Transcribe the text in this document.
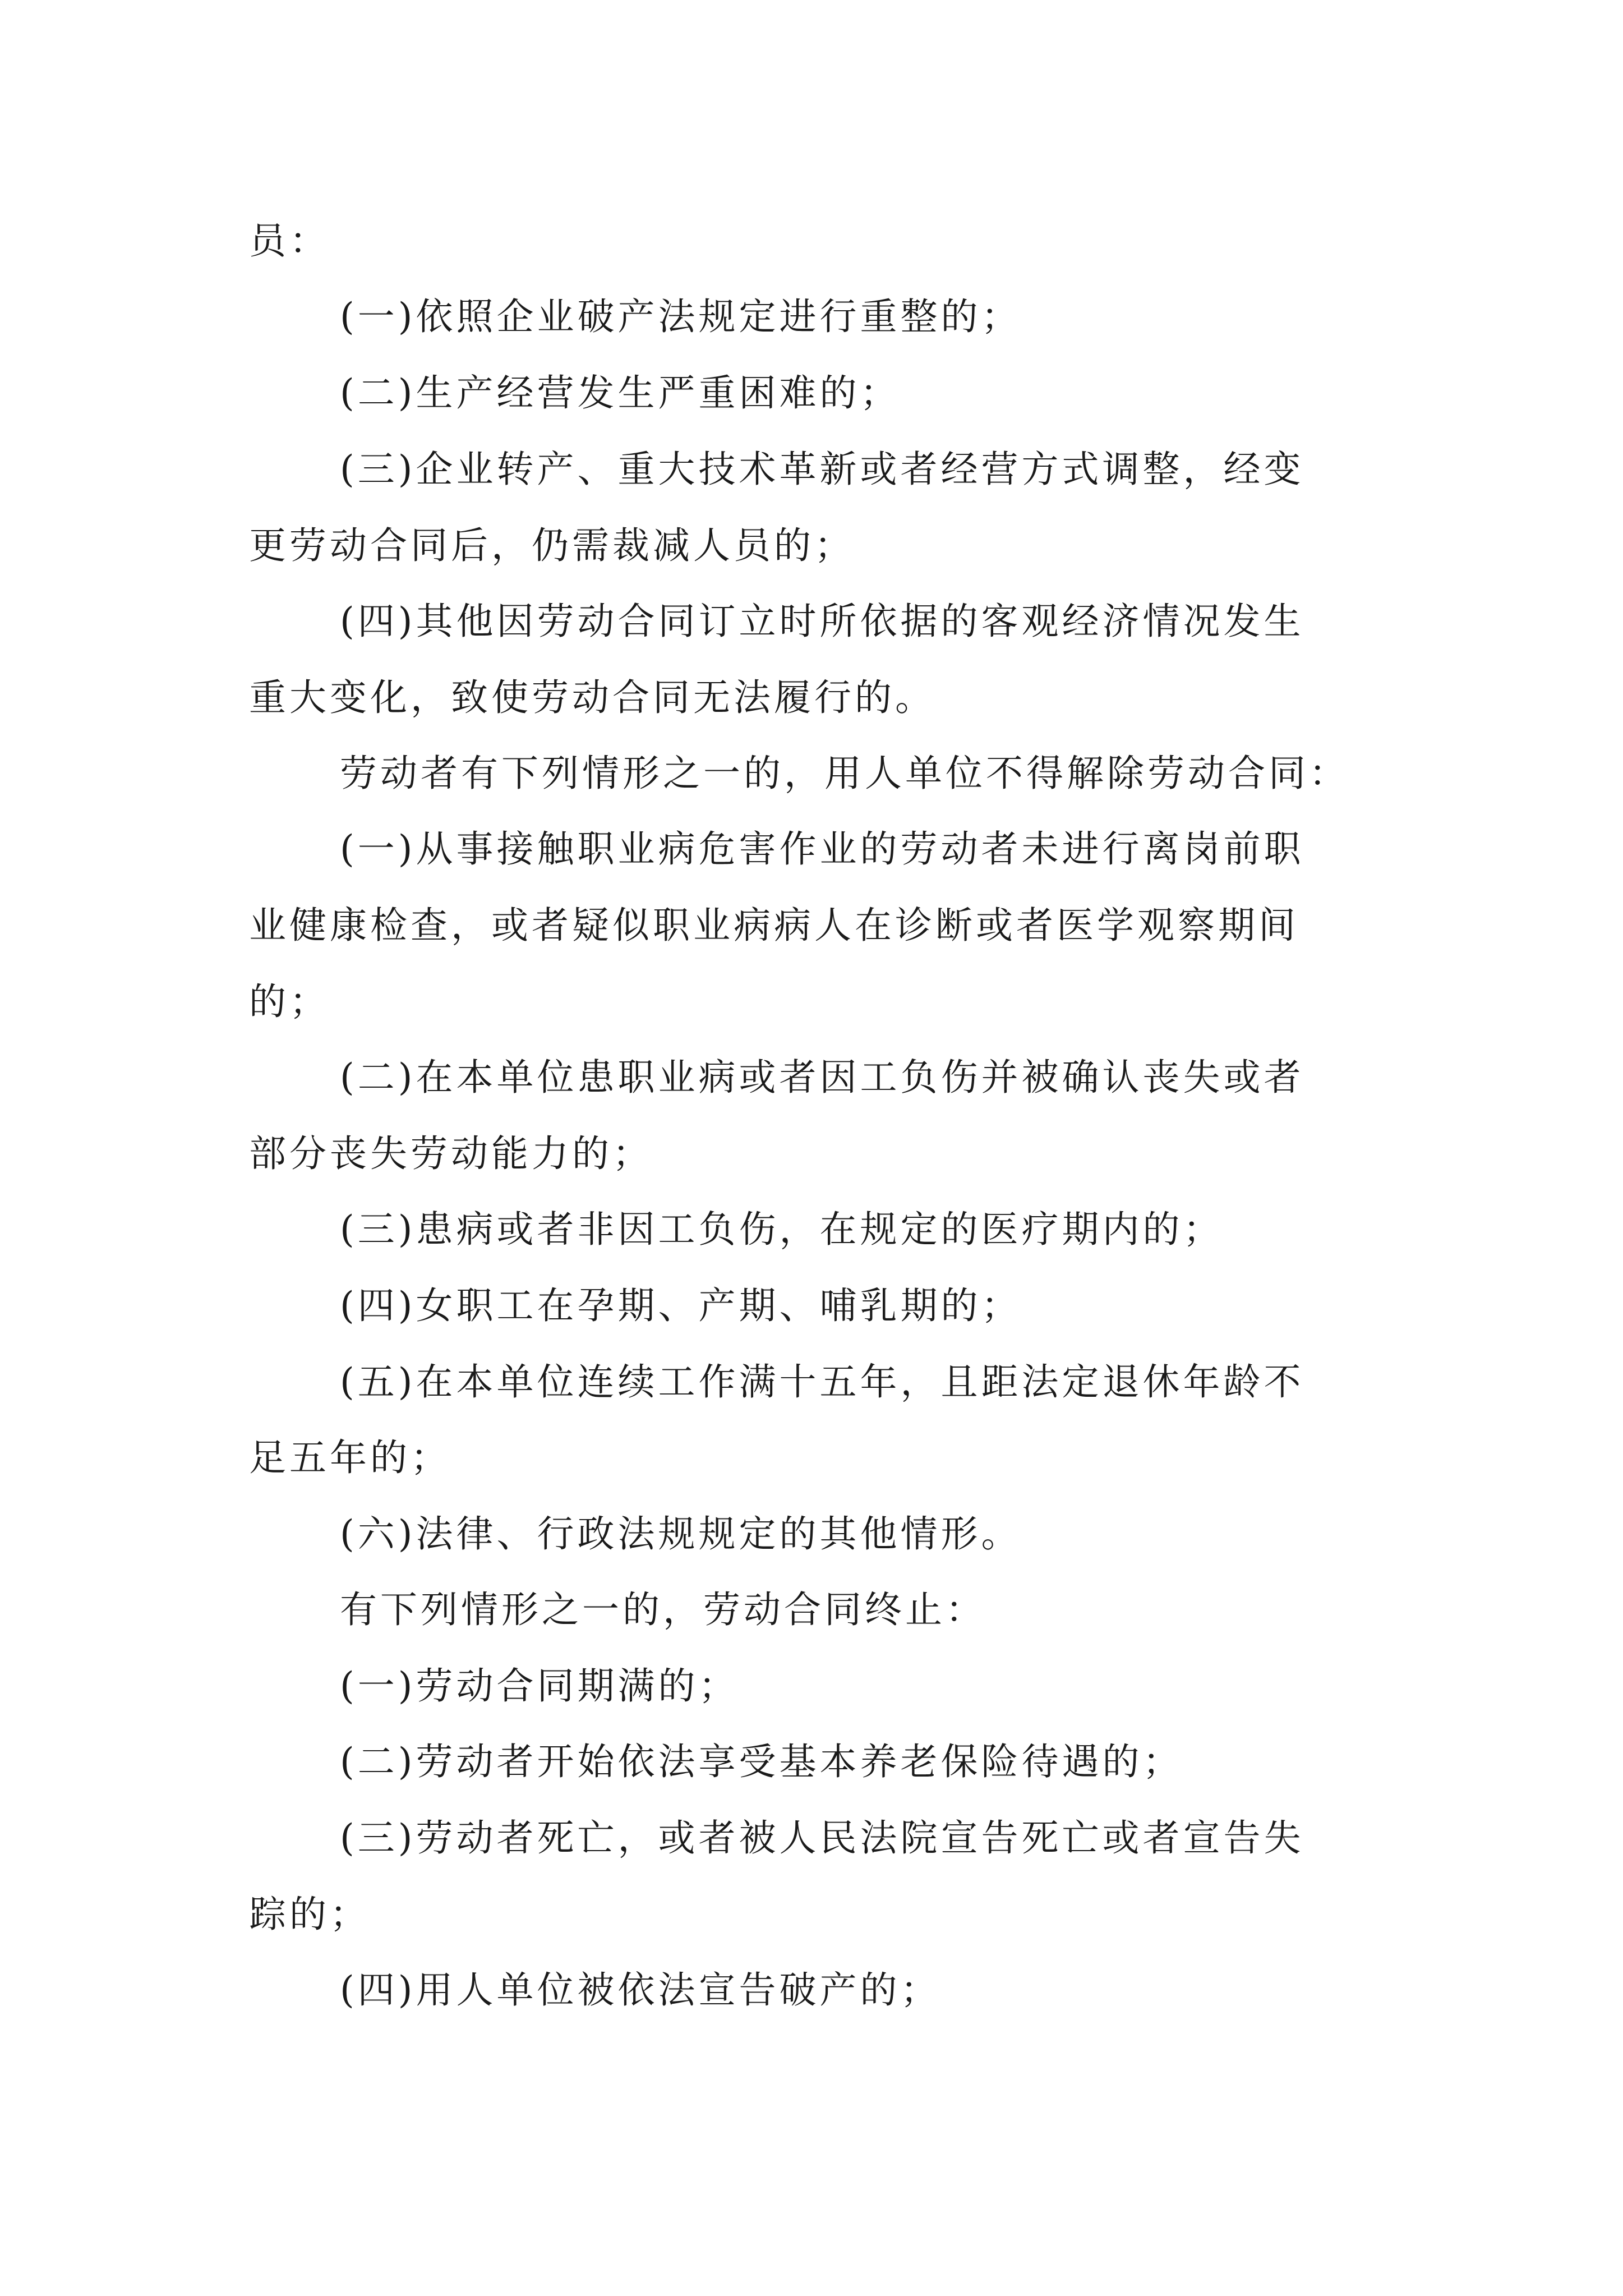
员：
(一)依照企业破产法规定进行重整的；
(二)生产经营发生严重困难的；
(三)企业转产、重大技术革新或者经营方式调整，经变
更劳动合同后，仍需裁减人员的；
(四)其他因劳动合同订立时所依据的客观经济情况发生
重大变化，致使劳动合同无法履行的。
劳动者有下列情形之一的，用人单位不得解除劳动合同：
(一)从事接触职业病危害作业的劳动者未进行离岗前职
业健康检查，或者疑似职业病病人在诊断或者医学观察期间
的；
(二)在本单位患职业病或者因工负伤并被确认丧失或者
部分丧失劳动能力的；
(三)患病或者非因工负伤，在规定的医疗期内的；
(四)女职工在孕期、产期、哺乳期的；
(五)在本单位连续工作满十五年，且距法定退休年龄不
足五年的；
(六)法律、行政法规规定的其他情形。
有下列情形之一的，劳动合同终止：
(一)劳动合同期满的；
(二)劳动者开始依法享受基本养老保险待遇的；
(三)劳动者死亡，或者被人民法院宣告死亡或者宣告失
踪的；
(四)用人单位被依法宣告破产的；
